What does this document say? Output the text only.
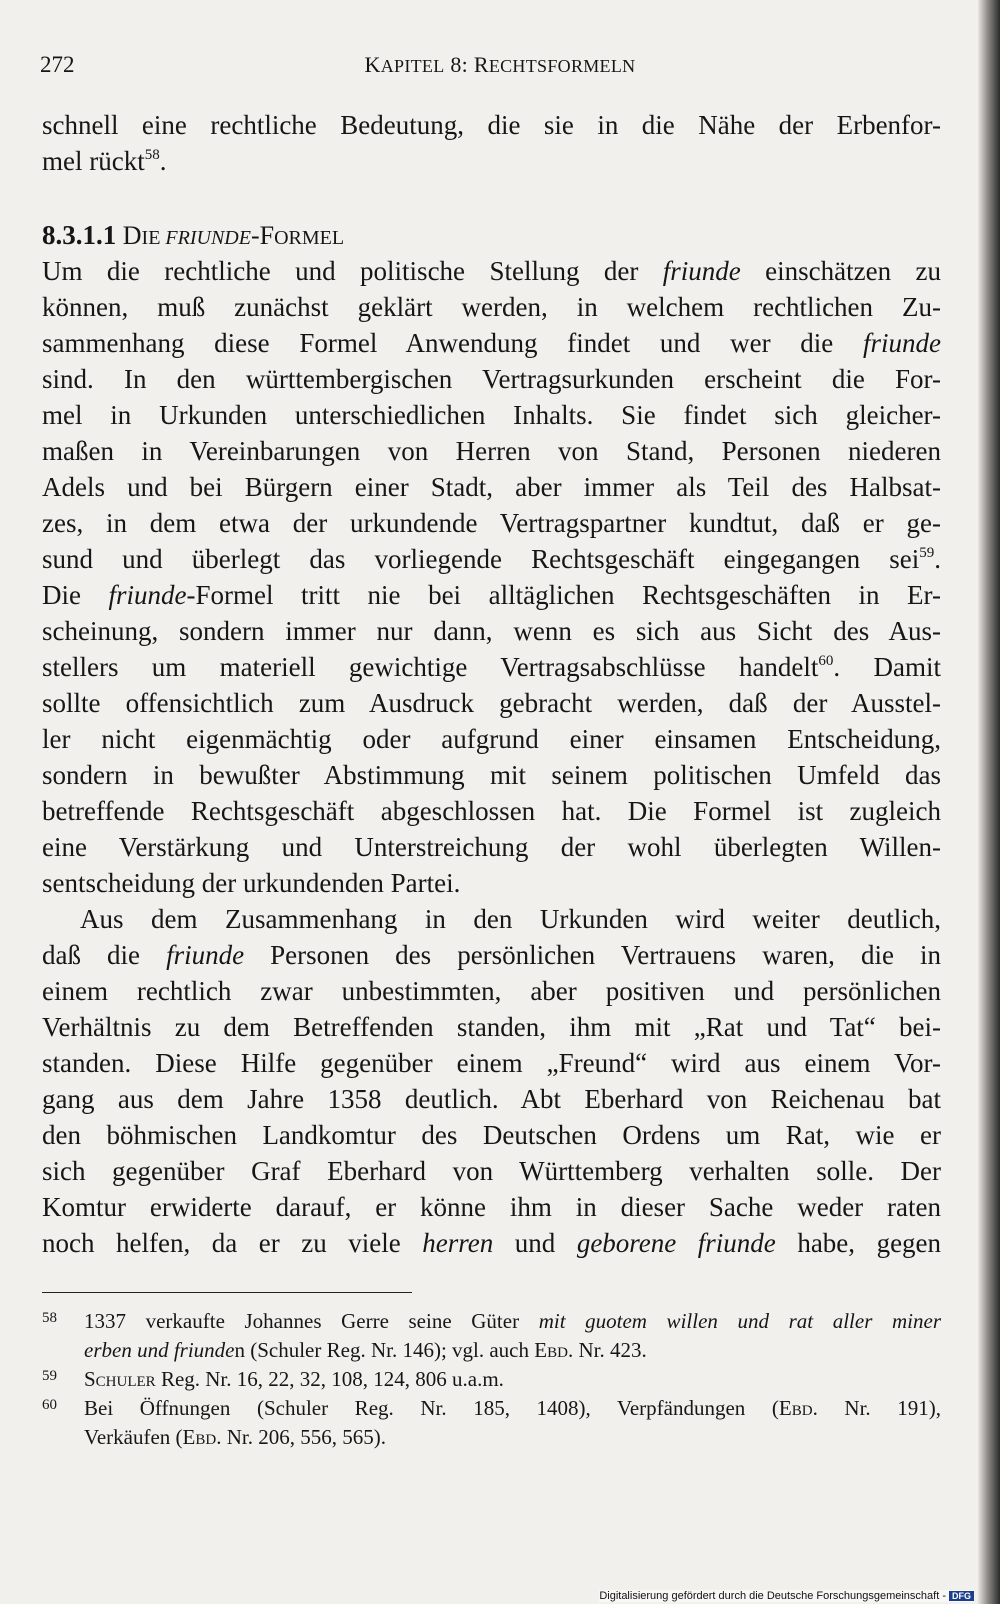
272	KAPITEL 8: RECHTSFORMELN
schnell eine rechtliche Bedeutung, die sie in die Nähe der Erbenfor-
mel rückt$^{58}$.
8.3.1.1 DIE FRIUNDE-FORMEL
Um die rechtliche und politische Stellung der friunde einschätzen zu
können, muß zunächst geklärt werden, in welchem rechtlichen Zu-
sammenhang diese Formel Anwendung findet und wer die friunde
sind. In den württembergischen Vertragsurkunden erscheint die For-
mel in Urkunden unterschiedlichen Inhalts. Sie findet sich gleicher-
maßen in Vereinbarungen von Herren von Stand, Personen niederen
Adels und bei Bürgern einer Stadt, aber immer als Teil des Halbsat-
zes, in dem etwa der urkundende Vertragspartner kundtut, daß er ge-
sund und überlegt das vorliegende Rechtsgeschäft eingegangen sei$^{59}$.
Die friunde-Formel tritt nie bei alltäglichen Rechtsgeschäften in Er-
scheinung, sondern immer nur dann, wenn es sich aus Sicht des Aus-
stellers um materiell gewichtige Vertragsabschlüsse handelt$^{60}$. Damit
sollte offensichtlich zum Ausdruck gebracht werden, daß der Ausstel-
ler nicht eigenmächtig oder aufgrund einer einsamen Entscheidung,
sondern in bewußter Abstimmung mit seinem politischen Umfeld das
betreffende Rechtsgeschäft abgeschlossen hat. Die Formel ist zugleich
eine Verstärkung und Unterstreichung der wohl überlegten Willen-
sentscheidung der urkundenden Partei.
Aus dem Zusammenhang in den Urkunden wird weiter deutlich,
daß die friunde Personen des persönlichen Vertrauens waren, die in
einem rechtlich zwar unbestimmten, aber positiven und persönlichen
Verhältnis zu dem Betreffenden standen, ihm mit „Rat und Tat“ bei-
standen. Diese Hilfe gegenüber einem „Freund“ wird aus einem Vor-
gang aus dem Jahre 1358 deutlich. Abt Eberhard von Reichenau bat
den böhmischen Landkomtur des Deutschen Ordens um Rat, wie er
sich gegenüber Graf Eberhard von Württemberg verhalten solle. Der
Komtur erwiderte darauf, er könne ihm in dieser Sache weder raten
noch helfen, da er zu viele herren und geborene friunde habe, gegen
58 1337 verkaufte Johannes Gerre seine Güter mit guotem willen und rat aller miner
erben und friunden (Schuler Reg. Nr. 146); vgl. auch Ebd. Nr. 423.
59 Schuler Reg. Nr. 16, 22, 32, 108, 124, 806 u.a.m.
60 Bei Öffnungen (Schuler Reg. Nr. 185, 1408), Verpfändungen (Ebd. Nr. 191),
Verkäufen (Ebd. Nr. 206, 556, 565).
Digitalisierung gefördert durch die Deutsche Forschungsgemeinschaft - DFG
